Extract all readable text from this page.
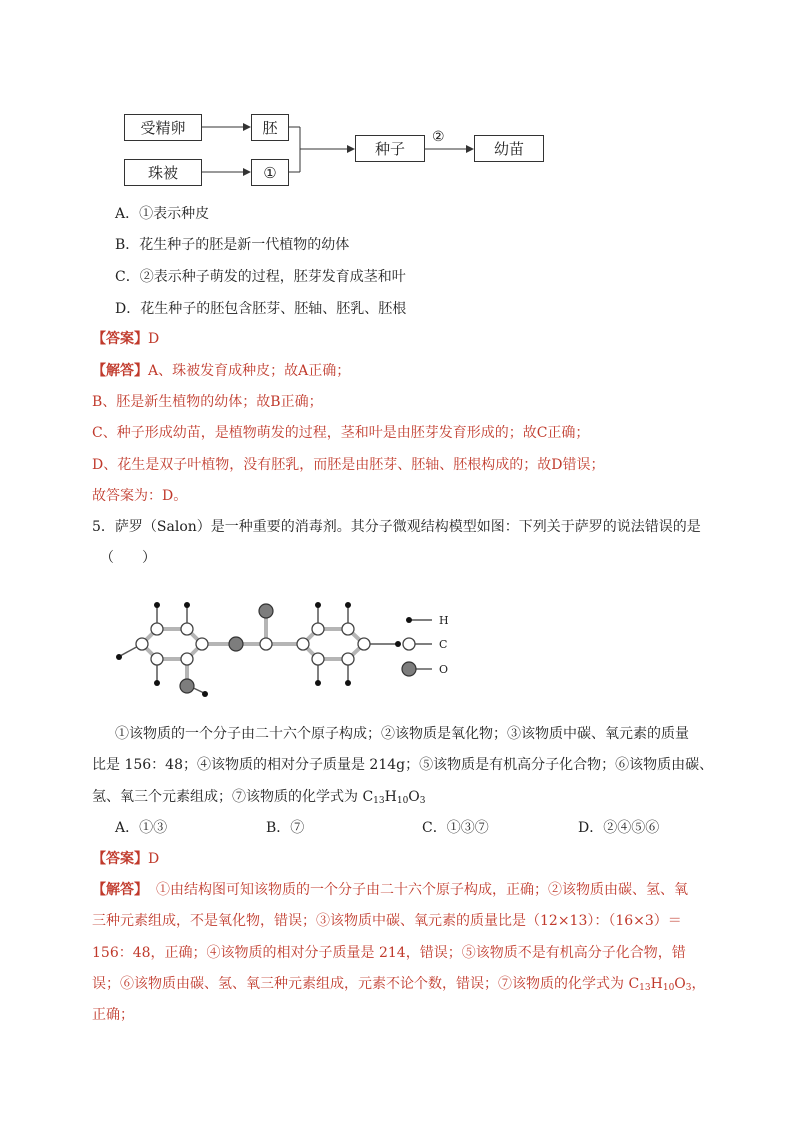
受精卵	胚
珠被	①
种子	幼苗
②
A．①表示种皮
B．花生种子的胚是新一代植物的幼体
C．②表示种子萌发的过程，胚芽发育成茎和叶
D．花生种子的胚包含胚芽、胚轴、胚乳、胚根
【答案】D
【解答】A、珠被发育成种皮；故A正确；
B、胚是新生植物的幼体；故B正确；
C、种子形成幼苗，是植物萌发的过程，茎和叶是由胚芽发育形成的；故C正确；
D、花生是双子叶植物，没有胚乳，而胚是由胚芽、胚轴、胚根构成的；故D错误；
故答案为：D。
5．萨罗（Salon）是一种重要的消毒剂。其分子微观结构模型如图：下列关于萨罗的说法错误的是
（　　）
H
C
O
①该物质的一个分子由二十六个原子构成；②该物质是氧化物；③该物质中碳、氧元素的质量
比是 156：48；④该物质的相对分子质量是 214g；⑤该物质是有机高分子化合物；⑥该物质由碳、
氢、氧三个元素组成；⑦该物质的化学式为 $C_{13}H_{10}O_3$
A．①③	B．⑦	C．①③⑦	D．②④⑤⑥
【答案】D
【解答】 ①由结构图可知该物质的一个分子由二十六个原子构成，正确；②该物质由碳、氢、氧
三种元素组成，不是氧化物，错误；③该物质中碳、氧元素的质量比是（12×13）：（16×3）＝
156：48，正确；④该物质的相对分子质量是 214，错误；⑤该物质不是有机高分子化合物，错
误；⑥该物质由碳、氢、氧三种元素组成，元素不论个数，错误；⑦该物质的化学式为 $C_{13}H_{10}O_3$，
正确；
